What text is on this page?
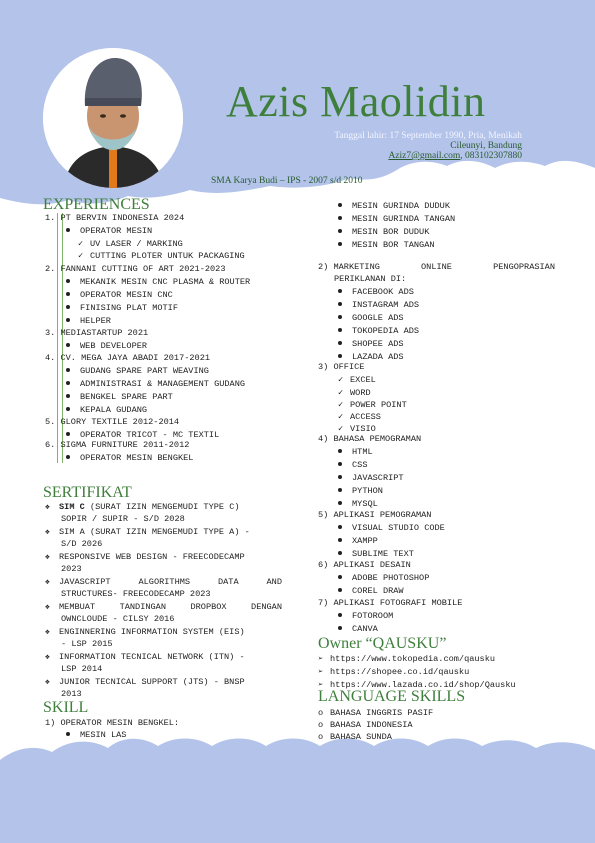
Azis Maolidin
Tanggal lahir: 17 September 1990, Pria, Menikah
Cileunyi, Bandung
Aziz7@gmail.com, 083102307880
SMA Karya Budi – IPS - 2007 s/d 2010
EXPERIENCES
1. PT BERVIN INDONESIA 2024
OPERATOR MESIN
✓ UV LASER / MARKING
✓ CUTTING PLOTER UNTUK PACKAGING
2. FANNANI CUTTING OF ART 2021-2023
MEKANIK MESIN CNC PLASMA & ROUTER
OPERATOR MESIN CNC
FINISING PLAT MOTIF
HELPER
3. MEDIASTARTUP 2021
WEB DEVELOPER
4. CV. MEGA JAYA ABADI 2017-2021
GUDANG SPARE PART WEAVING
ADMINISTRASI & MANAGEMENT GUDANG
BENGKEL SPARE PART
KEPALA GUDANG
5. GLORY TEXTILE 2012-2014
OPERATOR TRICOT - MC TEXTIL
6. SIGMA FURNITURE 2011-2012
OPERATOR MESIN BENGKEL
SERTIFIKAT
❖ SIM C (SURAT IZIN MENGEMUDI TYPE C)
SOPIR / SUPIR - S/D 2028
❖ SIM A (SURAT IZIN MENGEMUDI TYPE A) -
S/D 2026
❖ RESPONSIVE WEB DESIGN - FREECODECAMP
2023
❖ JAVASCRIPT	ALGORITHMS	DATA	AND
STRUCTURES- FREECODECAMP 2023
❖ MEMBUAT	TANDINGAN	DROPBOX	DENGAN
OWNCLOUDE - CILSY 2016
❖ ENGINNERING INFORMATION SYSTEM (EIS)
- LSP 2015
❖ INFORMATION TECNICAL NETWORK (ITN) -
LSP 2014
❖ JUNIOR TECNICAL SUPPORT (JTS) - BNSP
2013
SKILL
1) OPERATOR MESIN BENGKEL:
MESIN LAS
MESIN GURINDA DUDUK
MESIN GURINDA TANGAN
MESIN BOR DUDUK
MESIN BOR TANGAN
2) MARKETING	ONLINE	PENGOPRASIAN
PERIKLANAN DI:
FACEBOOK ADS
INSTAGRAM ADS
GOOGLE ADS
TOKOPEDIA ADS
SHOPEE ADS
LAZADA ADS
3) OFFICE
✓ EXCEL
✓ WORD
✓ POWER POINT
✓ ACCESS
✓ VISIO
4) BAHASA PEMOGRAMAN
HTML
CSS
JAVASCRIPT
PYTHON
MYSQL
5) APLIKASI PEMOGRAMAN
VISUAL STUDIO CODE
XAMPP
SUBLIME TEXT
6) APLIKASI DESAIN
ADOBE PHOTOSHOP
COREL DRAW
7) APLIKASI FOTOGRAFI MOBILE
FOTOROOM
CANVA
Owner “QAUSKU”
➢ https://www.tokopedia.com/qausku
➢ https://shopee.co.id/qausku
➢ https://www.lazada.co.id/shop/Qausku
LANGUAGE SKILLS
o BAHASA INGGRIS PASIF
o BAHASA INDONESIA
o BAHASA SUNDA
